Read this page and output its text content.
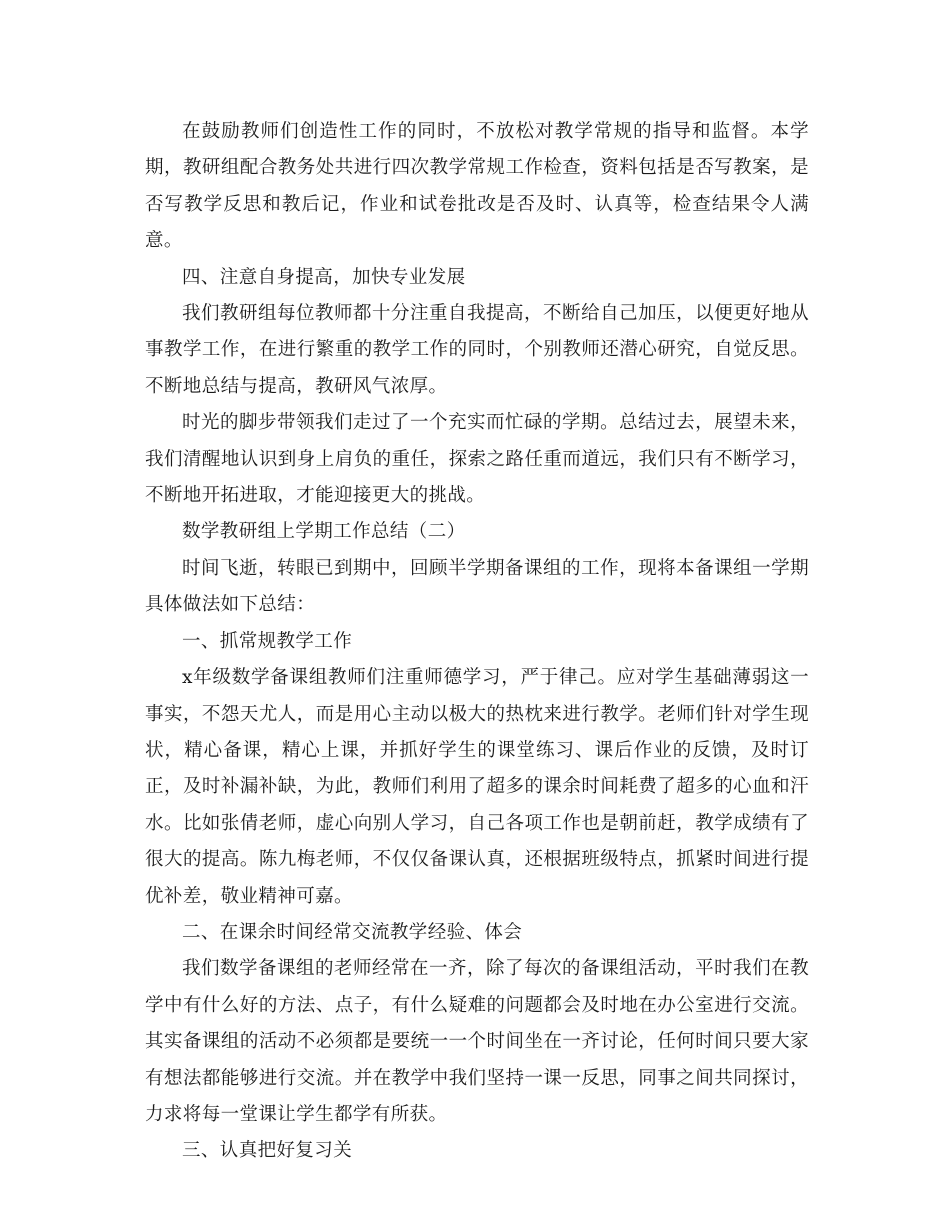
在鼓励教师们创造性工作的同时，不放松对教学常规的指导和监督。本学期，教研组配合教务处共进行四次教学常规工作检查，资料包括是否写教案，是否写教学反思和教后记，作业和试卷批改是否及时、认真等，检查结果令人满意。

四、注意自身提高，加快专业发展

我们教研组每位教师都十分注重自我提高，不断给自己加压，以便更好地从事教学工作，在进行繁重的教学工作的同时，个别教师还潜心研究，自觉反思。不断地总结与提高，教研风气浓厚。

时光的脚步带领我们走过了一个充实而忙碌的学期。总结过去，展望未来，我们清醒地认识到身上肩负的重任，探索之路任重而道远，我们只有不断学习，不断地开拓进取，才能迎接更大的挑战。

数学教研组上学期工作总结（二）

时间飞逝，转眼已到期中，回顾半学期备课组的工作，现将本备课组一学期具体做法如下总结：

一、抓常规教学工作

x年级数学备课组教师们注重师德学习，严于律己。应对学生基础薄弱这一事实，不怨天尤人，而是用心主动以极大的热枕来进行教学。老师们针对学生现状，精心备课，精心上课，并抓好学生的课堂练习、课后作业的反馈，及时订正，及时补漏补缺，为此，教师们利用了超多的课余时间耗费了超多的心血和汗水。比如张倩老师，虚心向别人学习，自己各项工作也是朝前赶，教学成绩有了很大的提高。陈九梅老师，不仅仅备课认真，还根据班级特点，抓紧时间进行提优补差，敬业精神可嘉。

二、在课余时间经常交流教学经验、体会

我们数学备课组的老师经常在一齐，除了每次的备课组活动，平时我们在教学中有什么好的方法、点子，有什么疑难的问题都会及时地在办公室进行交流。其实备课组的活动不必须都是要统一一个时间坐在一齐讨论，任何时间只要大家有想法都能够进行交流。并在教学中我们坚持一课一反思，同事之间共同探讨，力求将每一堂课让学生都学有所获。

三、认真把好复习关
